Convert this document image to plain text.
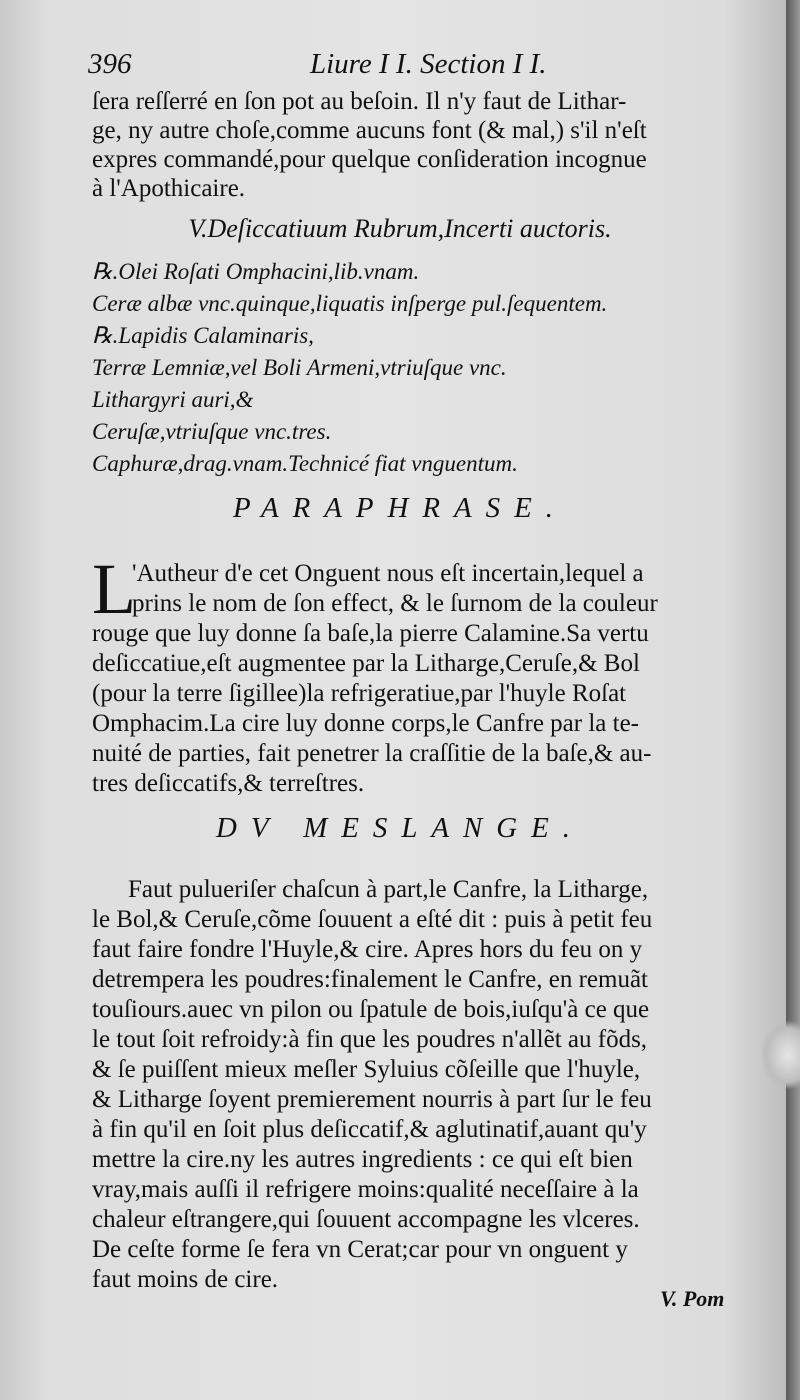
396	Liure I I. Section I I.
ſera reſſerré en ſon pot au beſoin. Il n'y faut de Lithar-
ge, ny autre choſe,comme aucuns font (& mal,) s'il n'eſt
expres commandé,pour quelque conſideration incognue
à l'Apothicaire.
V.Deſiccatiuum Rubrum,Incerti auctoris.
℞.Olei Roſati Omphacini,lib.vnam.
Ceræ albæ vnc.quinque,liquatis inſperge pul.ſequentem.
℞.Lapidis Calaminaris,
Terræ Lemniæ,vel Boli Armeni,vtriuſque vnc.
Lithargyri auri,&
Ceruſæ,vtriuſque vnc.tres.
Caphuræ,drag.vnam.Technicé fiat vnguentum.
PARAPHRASE.
L
'Autheur d'e cet Onguent nous eſt incertain,lequel a
prins le nom de ſon effect, & le ſurnom de la couleur
rouge que luy donne ſa baſe,la pierre Calamine.Sa vertu
deſiccatiue,eſt augmentee par la Litharge,Ceruſe,& Bol
(pour la terre ſigillee)la refrigeratiue,par l'huyle Roſat
Omphacim.La cire luy donne corps,le Canfre par la te-
nuité de parties, fait penetrer la craſſitie de la baſe,& au-
tres deſiccatifs,& terreſtres.
DV MESLANGE.
Faut pulueriſer chaſcun à part,le Canfre, la Litharge,
le Bol,& Ceruſe,cõme ſouuent a eſté dit : puis à petit feu
faut faire fondre l'Huyle,& cire. Apres hors du feu on y
detrempera les poudres:finalement le Canfre, en remuãt
touſiours.auec vn pilon ou ſpatule de bois,iuſqu'à ce que
le tout ſoit refroidy:à fin que les poudres n'allẽt au fõds,
& ſe puiſſent mieux meſler Syluius cõſeille que l'huyle,
& Litharge ſoyent premierement nourris à part ſur le feu
à fin qu'il en ſoit plus deſiccatif,& aglutinatif,auant qu'y
mettre la cire.ny les autres ingredients : ce qui eſt bien
vray,mais auſſi il refrigere moins:qualité neceſſaire à la
chaleur eſtrangere,qui ſouuent accompagne les vlceres.
De ceſte forme ſe fera vn Cerat;car pour vn onguent y
faut moins de cire.
V. Pom
